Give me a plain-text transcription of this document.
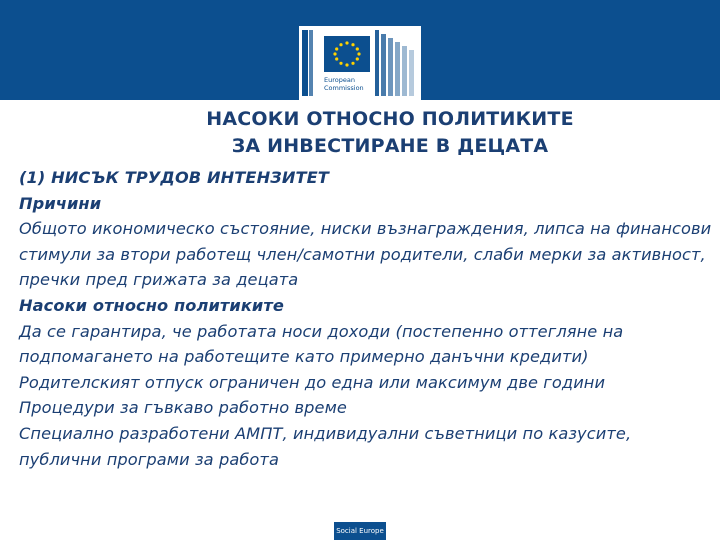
European
Commission
НАСОКИ ОТНОСНО ПОЛИТИКИТЕ
ЗА ИНВЕСТИРАНЕ В ДЕЦАТА

(1) НИСЪК ТРУДОВ ИНТЕНЗИТЕТ

Причини

Общото икономическо състояние, ниски възнаграждения, липса на финансови стимули за втори работещ член/самотни родители, слаби мерки за активност, пречки пред грижата за децата

Насоки относно политиките

Да се гарантира, че работата носи доходи (постепенно оттегляне на подпомагането на работещите като примерно данъчни кредити)

Родителският отпуск ограничен до една или максимум две години

Процедури за гъвкаво работно време

Специално разработени АМПТ, индивидуални съветници по казусите, публични програми за работа

Social Europe
